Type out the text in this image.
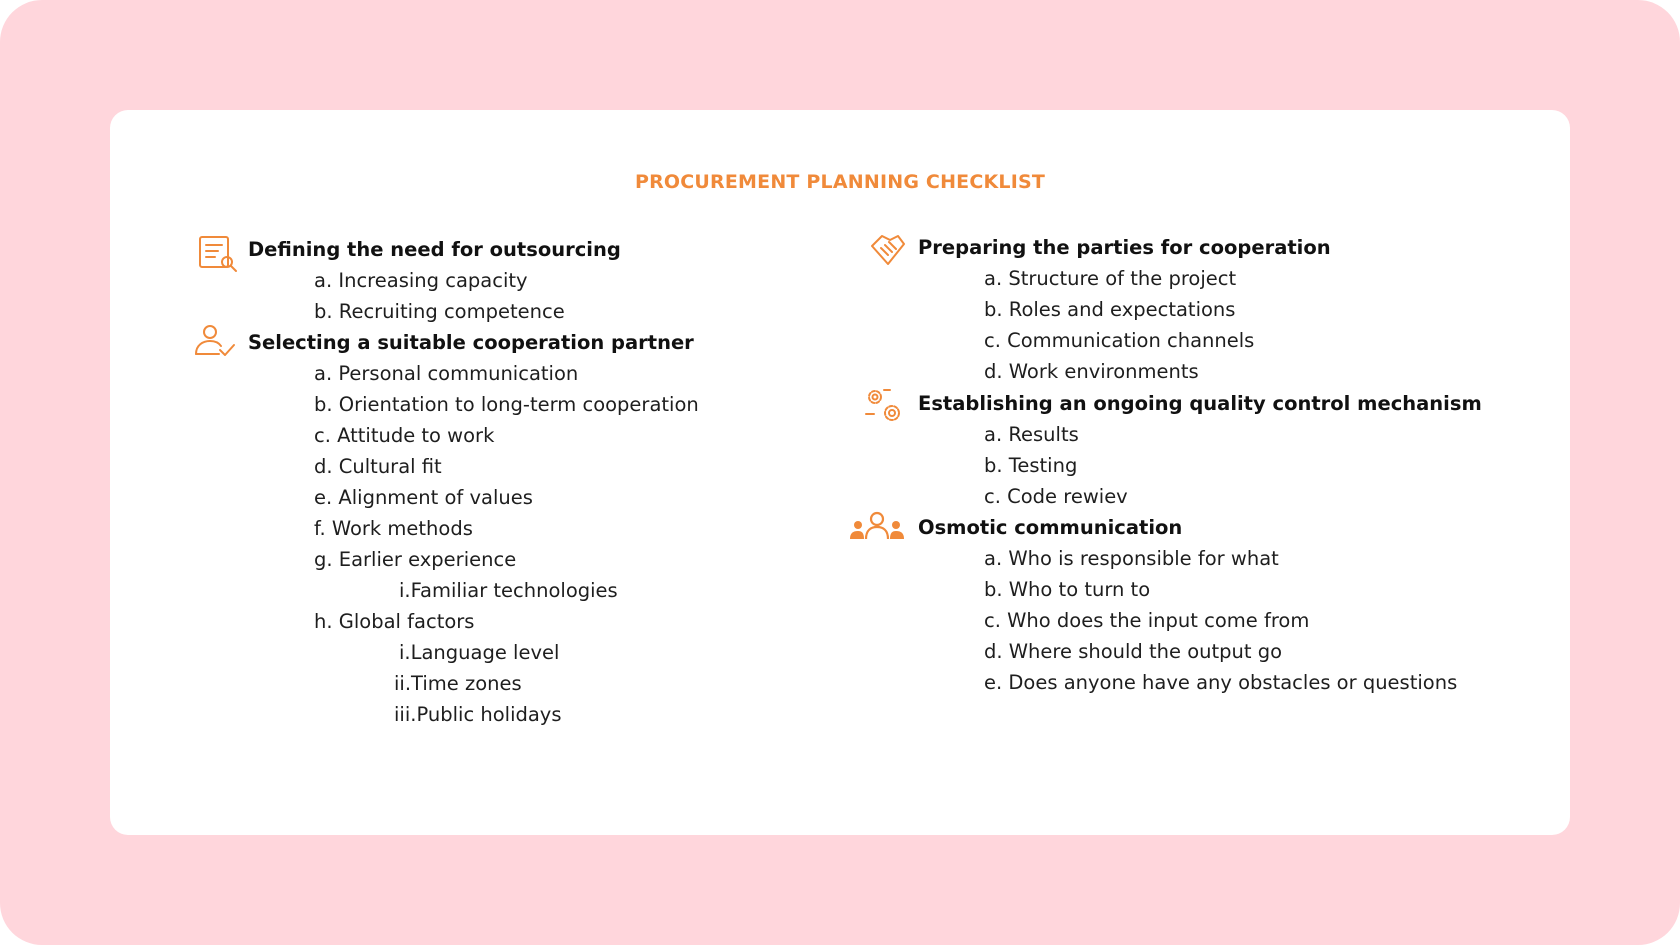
PROCUREMENT PLANNING CHECKLIST
Defining the need for outsourcing
a. Increasing capacity
b. Recruiting competence
Selecting a suitable cooperation partner
a. Personal communication
b. Orientation to long-term cooperation
c. Attitude to work
d. Cultural fit
e. Alignment of values
f. Work methods
g. Earlier experience
i.Familiar technologies
h. Global factors
i.Language level
ii.Time zones
iii.Public holidays
Preparing the parties for cooperation
a. Structure of the project
b. Roles and expectations
c. Communication channels
d. Work environments
Establishing an ongoing quality control mechanism
a. Results
b. Testing
c. Code rewiev
Osmotic communication
a. Who is responsible for what
b. Who to turn to
c. Who does the input come from
d. Where should the output go
e. Does anyone have any obstacles or questions
